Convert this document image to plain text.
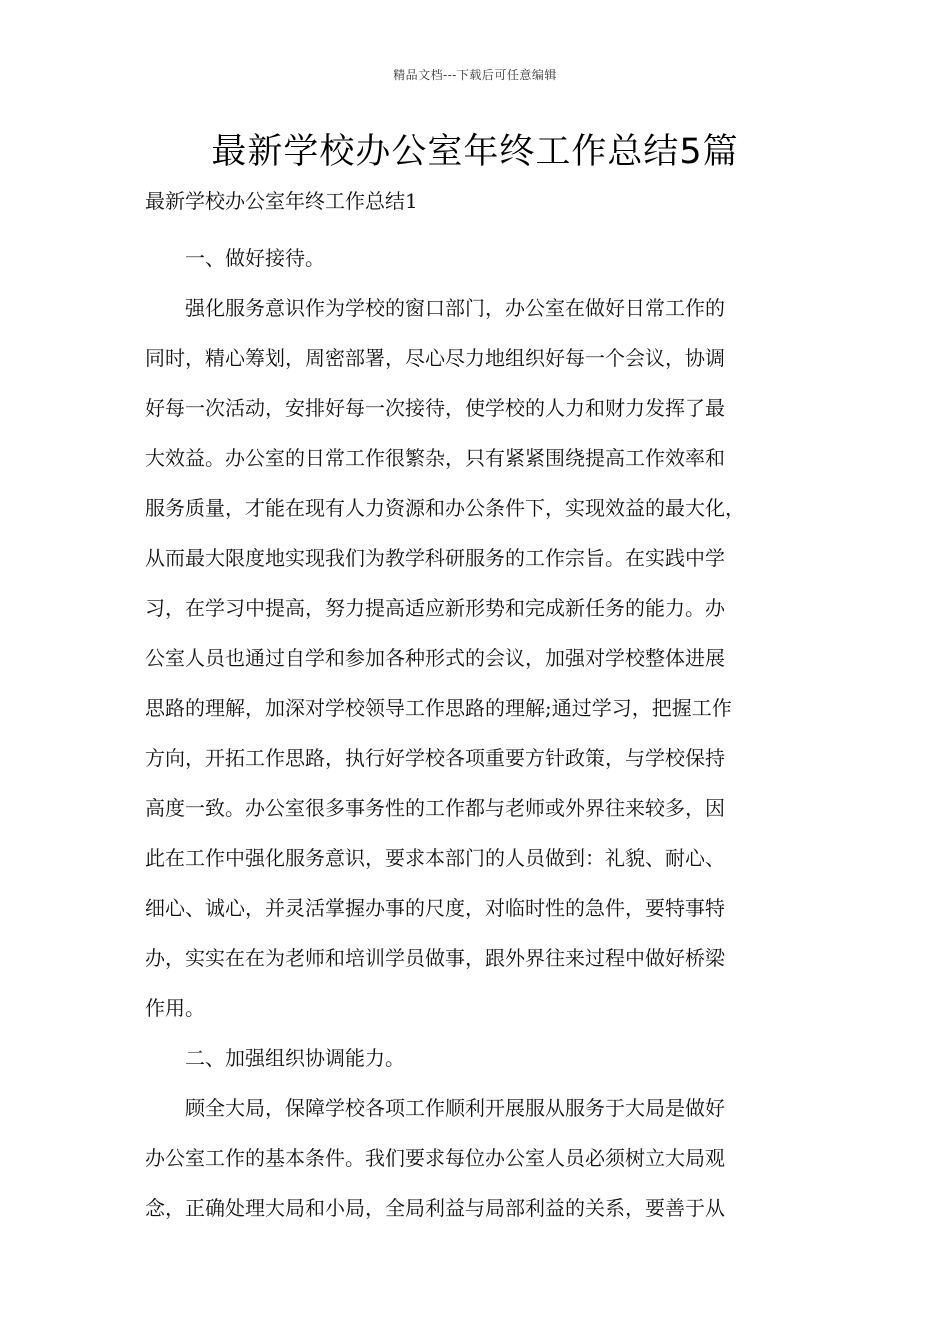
精品文档---下载后可任意编辑
最新学校办公室年终工作总结5篇
最新学校办公室年终工作总结1

一、做好接待。

强化服务意识作为学校的窗口部门，办公室在做好日常工作的
同时，精心筹划，周密部署，尽心尽力地组织好每一个会议，协调
好每一次活动，安排好每一次接待，使学校的人力和财力发挥了最
大效益。办公室的日常工作很繁杂，只有紧紧围绕提高工作效率和
服务质量，才能在现有人力资源和办公条件下，实现效益的最大化，
从而最大限度地实现我们为教学科研服务的工作宗旨。在实践中学
习，在学习中提高，努力提高适应新形势和完成新任务的能力。办
公室人员也通过自学和参加各种形式的会议，加强对学校整体进展
思路的理解，加深对学校领导工作思路的理解;通过学习，把握工作
方向，开拓工作思路，执行好学校各项重要方针政策，与学校保持
高度一致。办公室很多事务性的工作都与老师或外界往来较多，因
此在工作中强化服务意识，要求本部门的人员做到：礼貌、耐心、
细心、诚心，并灵活掌握办事的尺度，对临时性的急件，要特事特
办，实实在在为老师和培训学员做事，跟外界往来过程中做好桥梁
作用。

二、加强组织协调能力。

顾全大局，保障学校各项工作顺利开展服从服务于大局是做好
办公室工作的基本条件。我们要求每位办公室人员必须树立大局观
念，正确处理大局和小局，全局利益与局部利益的关系，要善于从
